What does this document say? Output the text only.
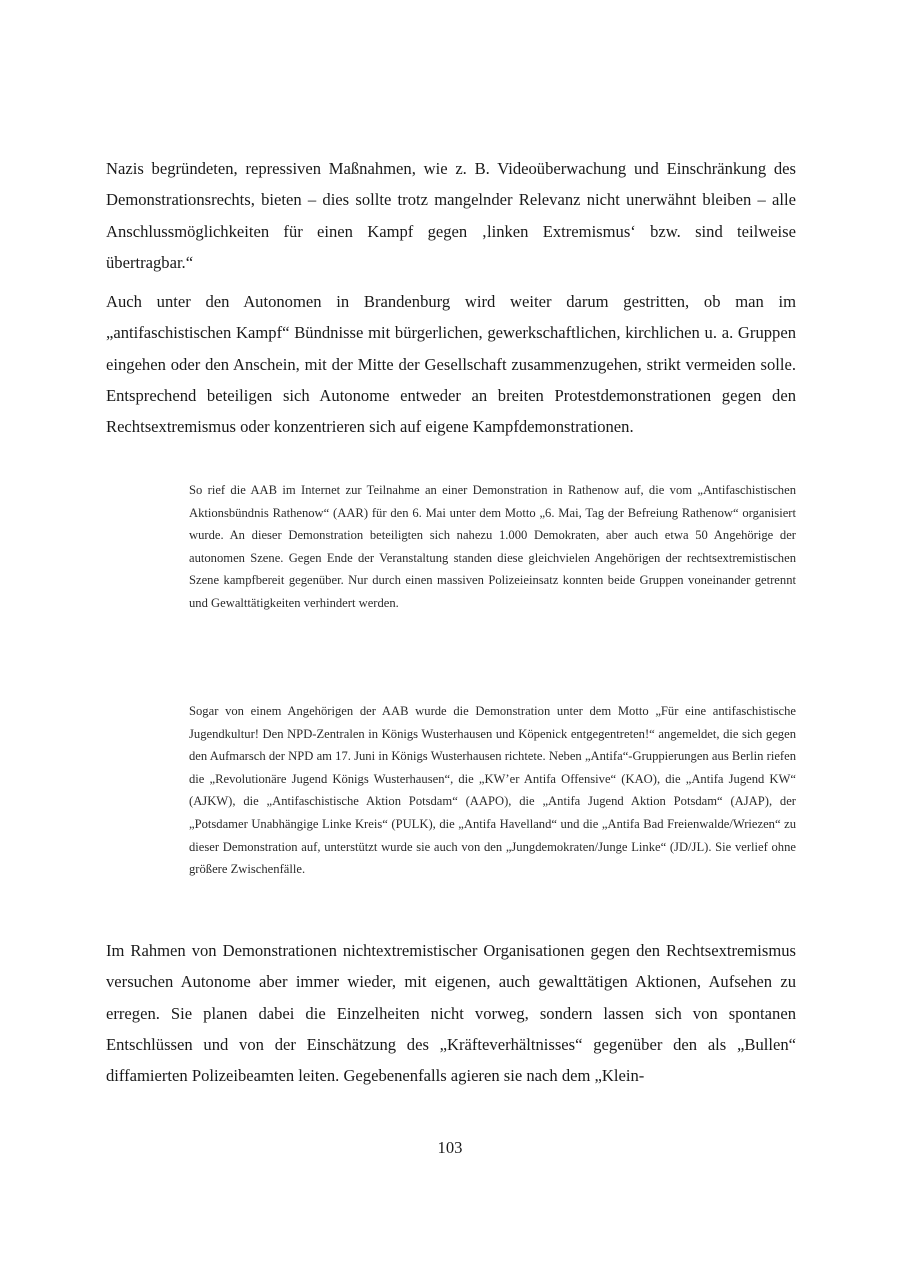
Nazis begründeten, repressiven Maßnahmen, wie z. B. Videoüberwachung und Einschränkung des Demonstrationsrechts, bieten – dies sollte trotz mangelnder Relevanz nicht unerwähnt bleiben – alle Anschlussmöglichkeiten für einen Kampf gegen ‚linken Extremismus‘ bzw. sind teilweise übertragbar.“

Auch unter den Autonomen in Brandenburg wird weiter darum gestritten, ob man im „antifaschistischen Kampf“ Bündnisse mit bürgerlichen, gewerkschaftlichen, kirchlichen u. a. Gruppen eingehen oder den Anschein, mit der Mitte der Gesellschaft zusammenzugehen, strikt vermeiden solle. Entsprechend beteiligen sich Autonome entweder an breiten Protestdemonstrationen gegen den Rechtsextremismus oder konzentrieren sich auf eigene Kampfdemonstrationen.

So rief die AAB im Internet zur Teilnahme an einer Demonstration in Rathenow auf, die vom „Antifaschistischen Aktionsbündnis Rathenow“ (AAR) für den 6. Mai unter dem Motto „6. Mai, Tag der Befreiung Rathenow“ organisiert wurde. An dieser Demonstration beteiligten sich nahezu 1.000 Demokraten, aber auch etwa 50 Angehörige der autonomen Szene. Gegen Ende der Veranstaltung standen diese gleichvielen Angehörigen der rechtsextremistischen Szene kampfbereit gegenüber. Nur durch einen massiven Polizeieinsatz konnten beide Gruppen voneinander getrennt und Gewalttätigkeiten verhindert werden.

Sogar von einem Angehörigen der AAB wurde die Demonstration unter dem Motto „Für eine antifaschistische Jugendkultur! Den NPD-Zentralen in Königs Wusterhausen und Köpenick entgegentreten!“ angemeldet, die sich gegen den Aufmarsch der NPD am 17. Juni in Königs Wusterhausen richtete. Neben „Antifa“-Gruppierungen aus Berlin riefen die „Revolutionäre Jugend Königs Wusterhausen“, die „KW’er Antifa Offensive“ (KAO), die „Antifa Jugend KW“ (AJKW), die „Antifaschistische Aktion Potsdam“ (AAPO), die „Antifa Jugend Aktion Potsdam“ (AJAP), der „Potsdamer Unabhängige Linke Kreis“ (PULK), die „Antifa Havelland“ und die „Antifa Bad Freienwalde/Wriezen“ zu dieser Demonstration auf, unterstützt wurde sie auch von den „Jungdemokraten/Junge Linke“ (JD/JL). Sie verlief ohne größere Zwischenfälle.

Im Rahmen von Demonstrationen nichtextremistischer Organisationen gegen den Rechtsextremismus versuchen Autonome aber immer wieder, mit eigenen, auch gewalttätigen Aktionen, Aufsehen zu erregen. Sie planen dabei die Einzelheiten nicht vorweg, sondern lassen sich von spontanen Entschlüssen und von der Einschätzung des „Kräfteverhältnisses“ gegenüber den als „Bullen“ diffamierten Polizeibeamten leiten. Gegebenenfalls agieren sie nach dem „Klein-

103
